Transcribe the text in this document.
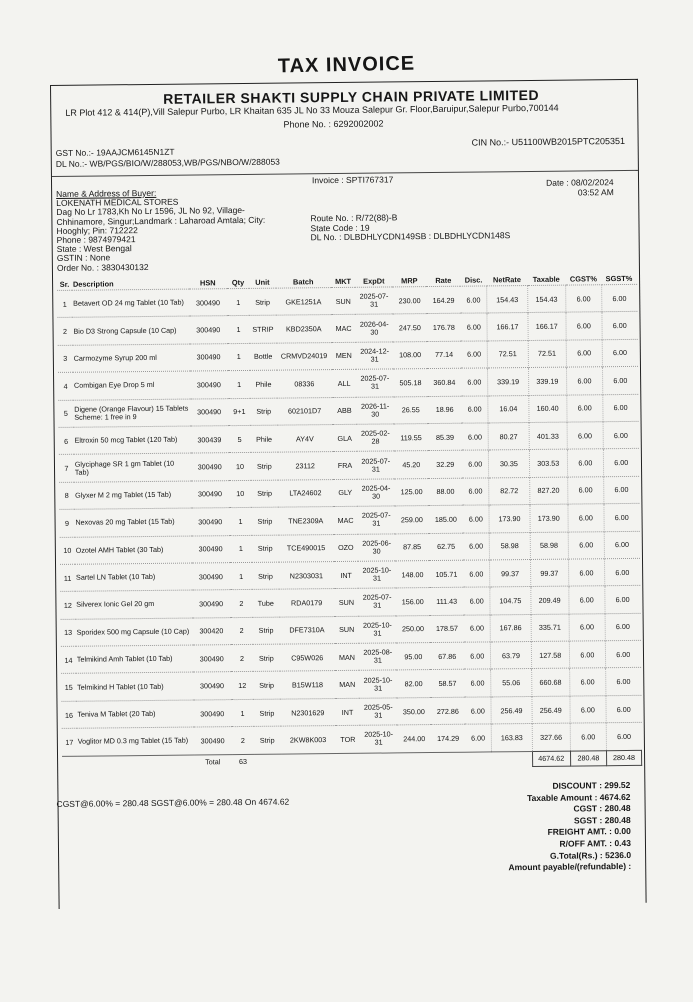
TAX INVOICE
RETAILER SHAKTI SUPPLY CHAIN PRIVATE LIMITED
LR Plot 412 & 414(P),Vill Salepur Purbo, LR Khaitan 635 JL No 33 Mouza Salepur Gr. Floor,Baruipur,Salepur Purbo,700144
Phone No. : 6292002002
GST No.:- 19AAJCM6145N1ZT
DL No.:- WB/PGS/BIO/W/288053,WB/PGS/NBO/W/288053
CIN No.:- U51100WB2015PTC205351
Invoice : SPTI767317	Date : 08/02/2024
03:52 AM
Name & Address of Buyer:
LOKENATH MEDICAL STORES
Dag No Lr 1783,Kh No Lr 1596, JL No 92, Village-
Chhinamore, Singur;Landmark : Laharoad Amtala; City:
Hooghly; Pin: 712222
Phone : 9874979421
State : West Bengal
GSTIN : None
Order No. : 3830430132
Route No. : R/72(88)-B
State Code : 19
DL No. : DLBDHLYCDN149SB : DLBDHLYCDN148S
Sr.	Description	HSN	Qty	Unit	Batch	MKT	ExpDt	MRP	Rate	Disc.	NetRate	Taxable	CGST%	SGST%
1	Betavert OD 24 mg Tablet (10 Tab)	300490	1	Strip	GKE1251A	SUN	2025-07-31	230.00	164.29	6.00	154.43	154.43	6.00	6.00
2	Bio D3 Strong Capsule (10 Cap)	300490	1	STRIP	KBD2350A	MAC	2026-04-30	247.50	176.78	6.00	166.17	166.17	6.00	6.00
3	Carmozyme Syrup 200 ml	300490	1	Bottle	CRMVD24019	MEN	2024-12-31	108.00	77.14	6.00	72.51	72.51	6.00	6.00
4	Combigan Eye Drop 5 ml	300490	1	Phile	08336	ALL	2025-07-31	505.18	360.84	6.00	339.19	339.19	6.00	6.00
5	Digene (Orange Flavour) 15 Tablets
Scheme: 1 free in 9	300490	9+1	Strip	602101D7	ABB	2026-11-30	26.55	18.96	6.00	16.04	160.40	6.00	6.00
6	Eltroxin 50 mcg Tablet (120 Tab)	300439	5	Phile	AY4V	GLA	2025-02-28	119.55	85.39	6.00	80.27	401.33	6.00	6.00
7	Glyciphage SR 1 gm Tablet (10 Tab)	300490	10	Strip	23112	FRA	2025-07-31	45.20	32.29	6.00	30.35	303.53	6.00	6.00
8	Glyxer M 2 mg Tablet (15 Tab)	300490	10	Strip	LTA24602	GLY	2025-04-30	125.00	88.00	6.00	82.72	827.20	6.00	6.00
9	Nexovas 20 mg Tablet (15 Tab)	300490	1	Strip	TNE2309A	MAC	2025-07-31	259.00	185.00	6.00	173.90	173.90	6.00	6.00
10	Ozotel AMH Tablet (30 Tab)	300490	1	Strip	TCE490015	OZO	2025-06-30	87.85	62.75	6.00	58.98	58.98	6.00	6.00
11	Sartel LN Tablet (10 Tab)	300490	1	Strip	N2303031	INT	2025-10-31	148.00	105.71	6.00	99.37	99.37	6.00	6.00
12	Silverex Ionic Gel 20 gm	300490	2	Tube	RDA0179	SUN	2025-07-31	156.00	111.43	6.00	104.75	209.49	6.00	6.00
13	Sporidex 500 mg Capsule (10 Cap)	300420	2	Strip	DFE7310A	SUN	2025-10-31	250.00	178.57	6.00	167.86	335.71	6.00	6.00
14	Telmikind Amh Tablet (10 Tab)	300490	2	Strip	C95W026	MAN	2025-08-31	95.00	67.86	6.00	63.79	127.58	6.00	6.00
15	Telmikind H Tablet (10 Tab)	300490	12	Strip	B15W118	MAN	2025-10-31	82.00	58.57	6.00	55.06	660.68	6.00	6.00
16	Teniva M Tablet (20 Tab)	300490	1	Strip	N2301629	INT	2025-05-31	350.00	272.86	6.00	256.49	256.49	6.00	6.00
17	Voglitor MD 0.3 mg Tablet (15 Tab)	300490	2	Strip	2KW8K003	TOR	2025-10-31	244.00	174.29	6.00	163.83	327.66	6.00	6.00
		Total	63									4674.62	280.48	280.48
CGST@6.00% = 280.48 SGST@6.00% = 280.48 On 4674.62
DISCOUNT : 299.52
Taxable Amount : 4674.62
CGST : 280.48
SGST : 280.48
FREIGHT AMT. : 0.00
R/OFF AMT. : 0.43
G.Total(Rs.) : 5236.0
Amount payable/(refundable) :
